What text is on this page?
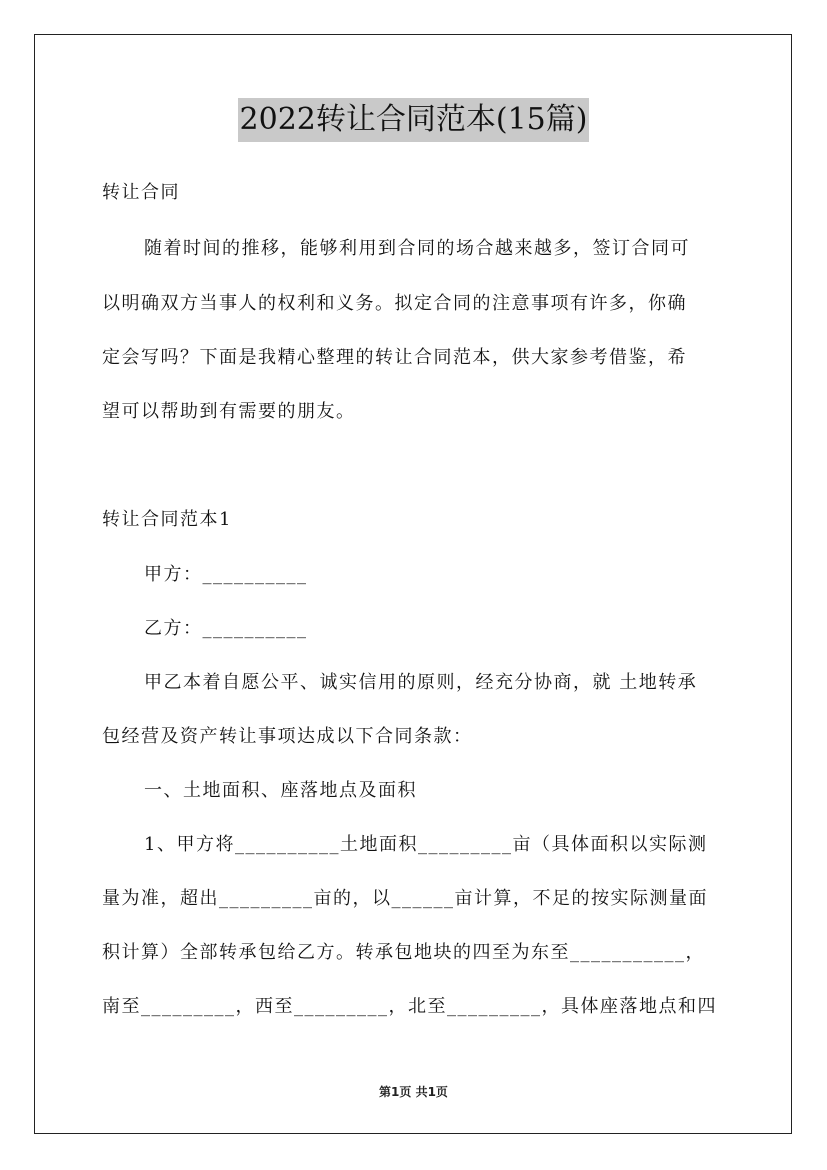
2022转让合同范本(15篇)
转让合同
随着时间的推移，能够利用到合同的场合越来越多，签订合同可
以明确双方当事人的权利和义务。拟定合同的注意事项有许多，你确
定会写吗？下面是我精心整理的转让合同范本，供大家参考借鉴，希
望可以帮助到有需要的朋友。
转让合同范本1
甲方：__________
乙方：__________
甲乙本着自愿公平、诚实信用的原则，经充分协商，就 土地转承
包经营及资产转让事项达成以下合同条款：
一、土地面积、座落地点及面积
1、甲方将__________土地面积_________亩（具体面积以实际测
量为准，超出_________亩的，以______亩计算，不足的按实际测量面
积计算）全部转承包给乙方。转承包地块的四至为东至___________，
南至_________，西至_________，北至_________，具体座落地点和四
第1页 共1页
